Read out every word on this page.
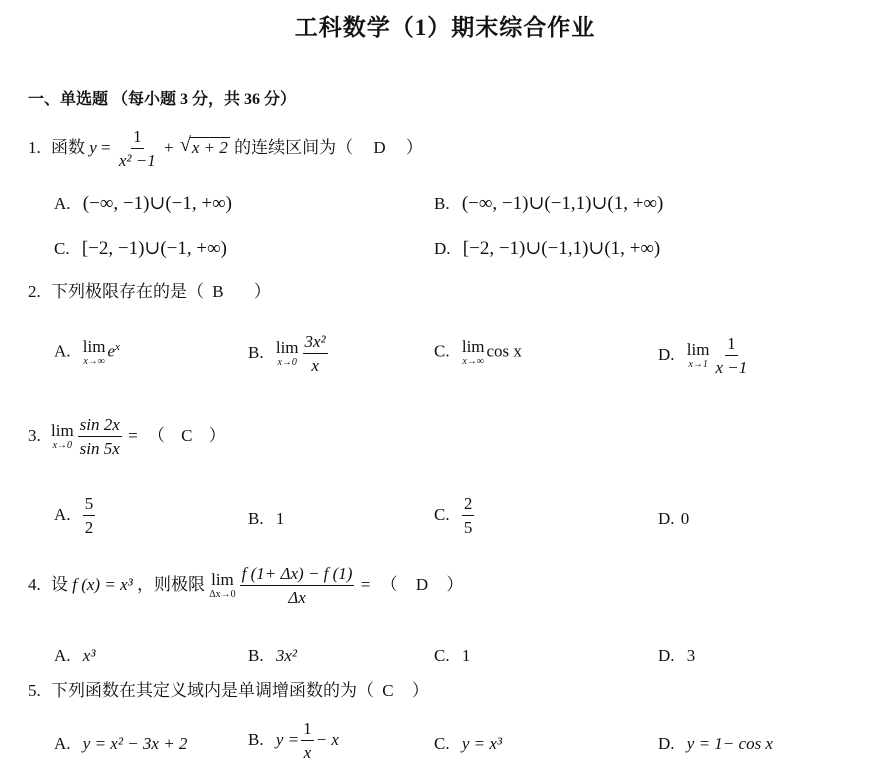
工科数学（1）期末综合作业
一、单选题 （每小题 3 分，共 36 分）
1. 函数 $y = \frac{1}{\text{x² −1}}$ + √ x + 2 的连续区间为（ D ）
A. (−∞, −1)∪(−1, +∞)	B. (−∞, −1)∪(−1,1)∪(1, +∞)
C. [−2, −1)∪(−1, +∞)	D. [−2, −1)∪(−1,1)∪(1, +∞)
2. 下列极限存在的是（ B ）
A. lim
x→∞
$e^x$	B. lim
$x\to 0 \frac{\text{3x²}}{x}$	C. lim
x→∞
cos x	D. lim
$x\to 1 \frac{1}{x -1}$
3. lim
$x\to 0 \frac{\sin 2x}{\sin 5x}$ = （ C ）
A. $\frac{5}{2}$	B. 1	C. $\frac{2}{5}$	D. 0
4. 设 f (x) = x³ ，则极限 lim
$\Delta x\to 0 \frac{f (1+ \Delta x) - f (1)}{\Delta x}$ = （ D ）
A. x³	B. 3x²	C. 1	D. 3
5. 下列函数在其定义域内是单调增函数的为（ C ）
A. y = x² − 3x + 2	B. $y = \frac{1}{x} - x$	C. y = x³	D. y = 1− cos x
